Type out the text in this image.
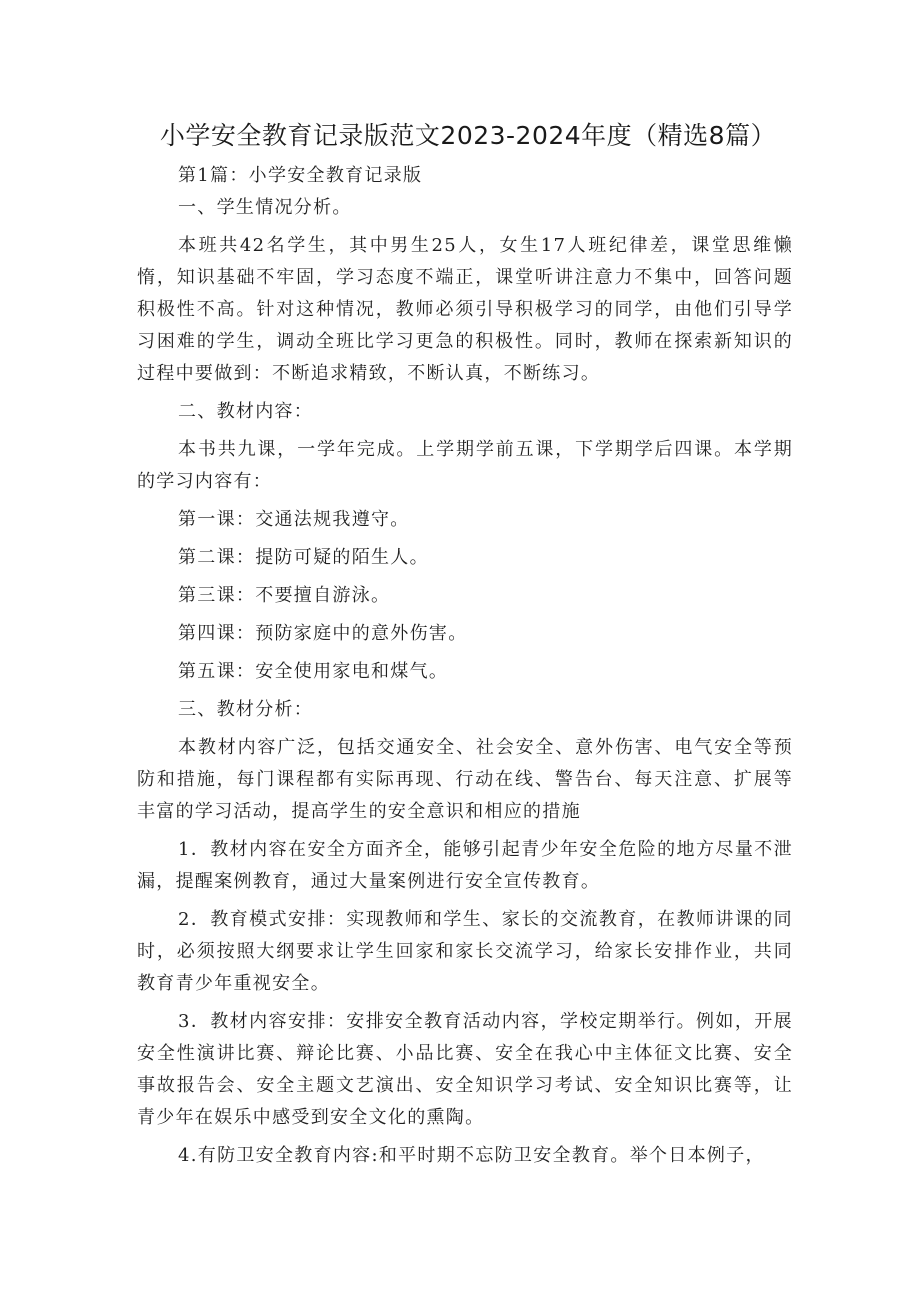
小学安全教育记录版范文2023-2024年度（精选8篇）

第1篇：小学安全教育记录版

一、学生情况分析。

本班共42名学生，其中男生25人，女生17人班纪律差，课堂思维懒惰，知识基础不牢固，学习态度不端正，课堂听讲注意力不集中，回答问题积极性不高。针对这种情况，教师必须引导积极学习的同学，由他们引导学习困难的学生，调动全班比学习更急的积极性。同时，教师在探索新知识的过程中要做到：不断追求精致，不断认真，不断练习。

二、教材内容：

本书共九课，一学年完成。上学期学前五课，下学期学后四课。本学期的学习内容有：

第一课：交通法规我遵守。

第二课：提防可疑的陌生人。

第三课：不要擅自游泳。

第四课：预防家庭中的意外伤害。

第五课：安全使用家电和煤气。

三、教材分析：

本教材内容广泛，包括交通安全、社会安全、意外伤害、电气安全等预防和措施，每门课程都有实际再现、行动在线、警告台、每天注意、扩展等丰富的学习活动，提高学生的安全意识和相应的措施

1．教材内容在安全方面齐全，能够引起青少年安全危险的地方尽量不泄漏，提醒案例教育，通过大量案例进行安全宣传教育。

2．教育模式安排：实现教师和学生、家长的交流教育，在教师讲课的同时，必须按照大纲要求让学生回家和家长交流学习，给家长安排作业，共同教育青少年重视安全。

3．教材内容安排：安排安全教育活动内容，学校定期举行。例如，开展安全性演讲比赛、辩论比赛、小品比赛、安全在我心中主体征文比赛、安全事故报告会、安全主题文艺演出、安全知识学习考试、安全知识比赛等，让青少年在娱乐中感受到安全文化的熏陶。

4.有防卫安全教育内容:和平时期不忘防卫安全教育。举个日本例子，
